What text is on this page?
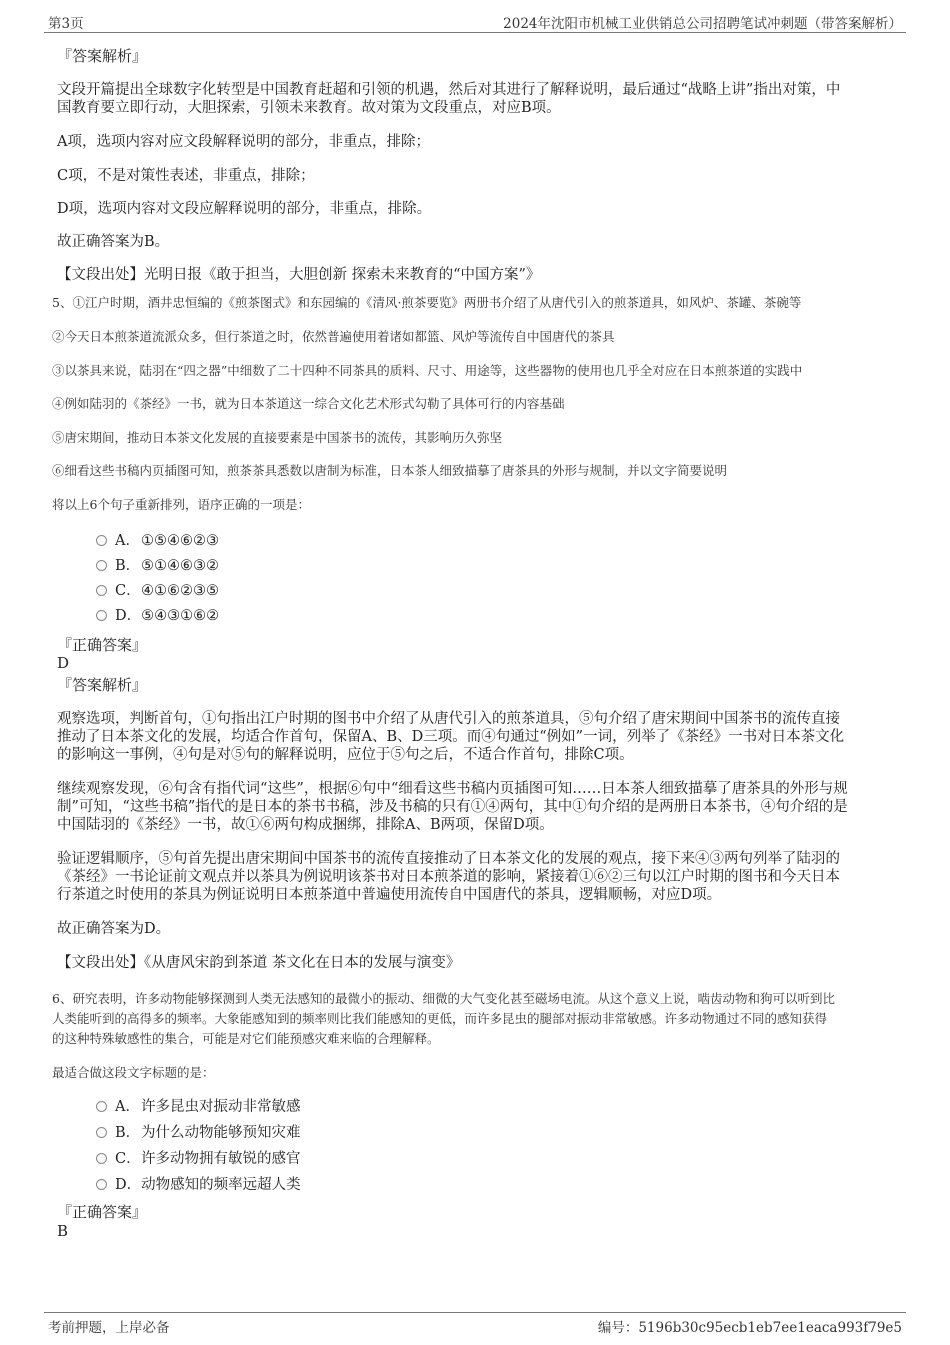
第3页	2024年沈阳市机械工业供销总公司招聘笔试冲刺题（带答案解析）
『答案解析』
文段开篇提出全球数字化转型是中国教育赶超和引领的机遇，然后对其进行了解释说明，最后通过“战略上讲”指出对策，中
国教育要立即行动，大胆探索，引领未来教育。故对策为文段重点，对应B项。
A项，选项内容对应文段解释说明的部分，非重点，排除；
C项，不是对策性表述，非重点，排除；
D项，选项内容对文段应解释说明的部分，非重点，排除。
故正确答案为B。
【文段出处】光明日报《敢于担当，大胆创新 探索未来教育的“中国方案”》
5、①江户时期，酒井忠恒编的《煎茶图式》和东园编的《清风·煎茶要览》两册书介绍了从唐代引入的煎茶道具，如风炉、茶罐、茶碗等
②今天日本煎茶道流派众多，但行茶道之时，依然普遍使用着诸如都篮、风炉等流传自中国唐代的茶具
③以茶具来说，陆羽在“四之器”中细数了二十四种不同茶具的质料、尺寸、用途等，这些器物的使用也几乎全对应在日本煎茶道的实践中
④例如陆羽的《茶经》一书，就为日本茶道这一综合文化艺术形式勾勒了具体可行的内容基础
⑤唐宋期间，推动日本茶文化发展的直接要素是中国茶书的流传，其影响历久弥坚
⑥细看这些书稿内页插图可知，煎茶茶具悉数以唐制为标准，日本茶人细致描摹了唐茶具的外形与规制，并以文字简要说明
将以上6个句子重新排列，语序正确的一项是：
A．①⑤④⑥②③
B．⑤①④⑥③②
C．④①⑥②③⑤
D．⑤④③①⑥②
『正确答案』
D
『答案解析』
观察选项，判断首句，①句指出江户时期的图书中介绍了从唐代引入的煎茶道具，⑤句介绍了唐宋期间中国茶书的流传直接
推动了日本茶文化的发展，均适合作首句，保留A、B、D三项。而④句通过“例如”一词，列举了《茶经》一书对日本茶文化
的影响这一事例，④句是对⑤句的解释说明，应位于⑤句之后，不适合作首句，排除C项。
继续观察发现，⑥句含有指代词“这些”，根据⑥句中“细看这些书稿内页插图可知……日本茶人细致描摹了唐茶具的外形与规
制”可知，“这些书稿”指代的是日本的茶书书稿，涉及书稿的只有①④两句，其中①句介绍的是两册日本茶书，④句介绍的是
中国陆羽的《茶经》一书，故①⑥两句构成捆绑，排除A、B两项，保留D项。
验证逻辑顺序，⑤句首先提出唐宋期间中国茶书的流传直接推动了日本茶文化的发展的观点，接下来④③两句列举了陆羽的
《茶经》一书论证前文观点并以茶具为例说明该茶书对日本煎茶道的影响，紧接着①⑥②三句以江户时期的图书和今天日本
行茶道之时使用的茶具为例证说明日本煎茶道中普遍使用流传自中国唐代的茶具，逻辑顺畅，对应D项。
故正确答案为D。
【文段出处】《从唐风宋韵到茶道 茶文化在日本的发展与演变》
6、研究表明，许多动物能够探测到人类无法感知的最微小的振动、细微的大气变化甚至磁场电流。从这个意义上说，啮齿动物和狗可以听到比
人类能听到的高得多的频率。大象能感知到的频率则比我们能感知的更低，而许多昆虫的腿部对振动非常敏感。许多动物通过不同的感知获得
的这种特殊敏感性的集合，可能是对它们能预感灾难来临的合理解释。
最适合做这段文字标题的是：
A．许多昆虫对振动非常敏感
B．为什么动物能够预知灾难
C．许多动物拥有敏锐的感官
D．动物感知的频率远超人类
『正确答案』
B
考前押题，上岸必备	编号：5196b30c95ecb1eb7ee1eaca993f79e5
